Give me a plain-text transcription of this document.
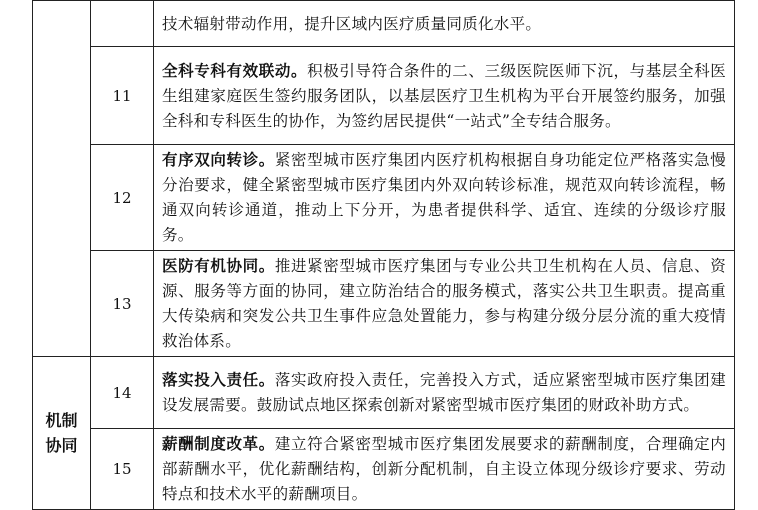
		技术辐射带动作用，提升区域内医疗质量同质化水平。
	11	全科专科有效联动。积极引导符合条件的二、三级医院医师下沉，与基层全科医生组建家庭医生签约服务团队，以基层医疗卫生机构为平台开展签约服务，加强全科和专科医生的协作，为签约居民提供“一站式”全专结合服务。
	12	有序双向转诊。紧密型城市医疗集团内医疗机构根据自身功能定位严格落实急慢分治要求，健全紧密型城市医疗集团内外双向转诊标准，规范双向转诊流程，畅通双向转诊通道，推动上下分开，为患者提供科学、适宜、连续的分级诊疗服务。
	13	医防有机协同。推进紧密型城市医疗集团与专业公共卫生机构在人员、信息、资源、服务等方面的协同，建立防治结合的服务模式，落实公共卫生职责。提高重大传染病和突发公共卫生事件应急处置能力，参与构建分级分层分流的重大疫情救治体系。

机制
协同	14	落实投入责任。落实政府投入责任，完善投入方式，适应紧密型城市医疗集团建设发展需要。鼓励试点地区探索创新对紧密型城市医疗集团的财政补助方式。
	15	薪酬制度改革。建立符合紧密型城市医疗集团发展要求的薪酬制度，合理确定内部薪酬水平，优化薪酬结构，创新分配机制，自主设立体现分级诊疗要求、劳动特点和技术水平的薪酬项目。
